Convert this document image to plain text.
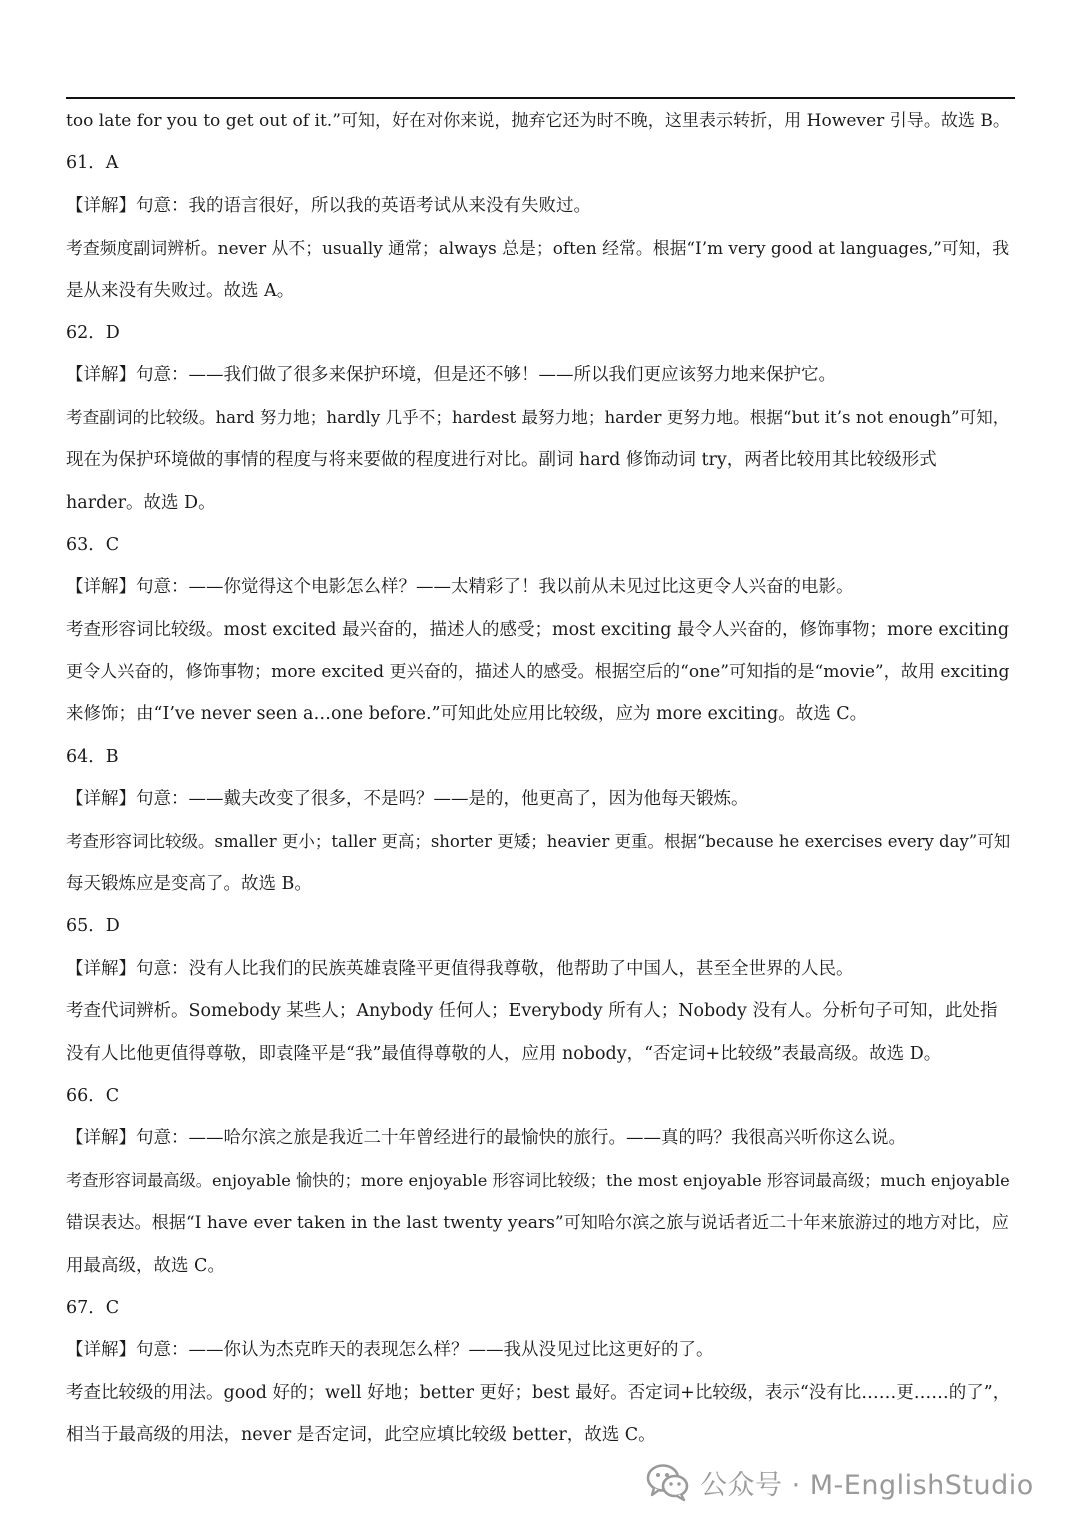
too late for you to get out of it.”可知，好在对你来说，抛弃它还为时不晚，这里表示转折，用 However 引导。故选 B。
61．A
【详解】句意：我的语言很好，所以我的英语考试从来没有失败过。
考查频度副词辨析。never 从不；usually 通常；always 总是；often 经常。根据“I’m very good at languages,”可知，我
是从来没有失败过。故选 A。
62．D
【详解】句意：——我们做了很多来保护环境，但是还不够！——所以我们更应该努力地来保护它。
考查副词的比较级。hard 努力地；hardly 几乎不；hardest 最努力地；harder 更努力地。根据“but it’s not enough”可知，
现在为保护环境做的事情的程度与将来要做的程度进行对比。副词 hard 修饰动词 try，两者比较用其比较级形式
harder。故选 D。
63．C
【详解】句意：——你觉得这个电影怎么样？——太精彩了！我以前从未见过比这更令人兴奋的电影。
考查形容词比较级。most excited 最兴奋的，描述人的感受；most exciting 最令人兴奋的，修饰事物；more exciting
更令人兴奋的，修饰事物；more excited 更兴奋的，描述人的感受。根据空后的“one”可知指的是“movie”，故用 exciting
来修饰；由“I’ve never seen a…one before.”可知此处应用比较级，应为 more exciting。故选 C。
64．B
【详解】句意：——戴夫改变了很多，不是吗？——是的，他更高了，因为他每天锻炼。
考查形容词比较级。smaller 更小；taller 更高；shorter 更矮；heavier 更重。根据“because he exercises every day”可知
每天锻炼应是变高了。故选 B。
65．D
【详解】句意：没有人比我们的民族英雄袁隆平更值得我尊敬，他帮助了中国人，甚至全世界的人民。
考查代词辨析。Somebody 某些人；Anybody 任何人；Everybody 所有人；Nobody 没有人。分析句子可知，此处指
没有人比他更值得尊敬，即袁隆平是“我”最值得尊敬的人，应用 nobody，“否定词+比较级”表最高级。故选 D。
66．C
【详解】句意：——哈尔滨之旅是我近二十年曾经进行的最愉快的旅行。——真的吗？我很高兴听你这么说。
考查形容词最高级。enjoyable 愉快的；more enjoyable 形容词比较级；the most enjoyable 形容词最高级；much enjoyable
错误表达。根据“I have ever taken in the last twenty years”可知哈尔滨之旅与说话者近二十年来旅游过的地方对比，应
用最高级，故选 C。
67．C
【详解】句意：——你认为杰克昨天的表现怎么样？——我从没见过比这更好的了。
考查比较级的用法。good 好的；well 好地；better 更好；best 最好。否定词+比较级，表示“没有比……更……的了”，
相当于最高级的用法，never 是否定词，此空应填比较级 better，故选 C。
公众号 · M-EnglishStudio
